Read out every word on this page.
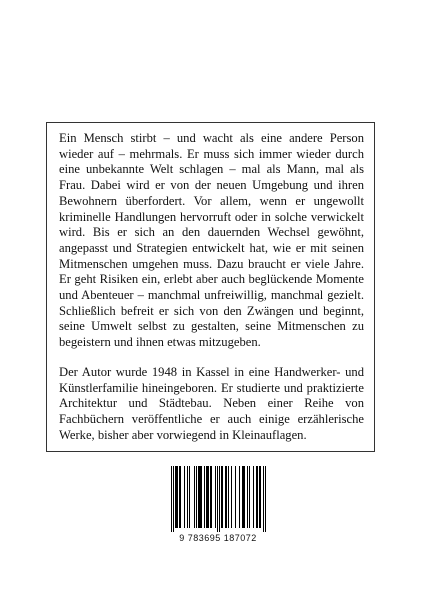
Ein Mensch stirbt – und wacht als eine andere Person wieder auf – mehrmals. Er muss sich immer wieder durch eine unbekannte Welt schlagen – mal als Mann, mal als Frau. Dabei wird er von der neuen Umgebung und ihren Bewohnern überfordert. Vor allem, wenn er ungewollt kriminelle Handlungen hervorruft oder in solche verwickelt wird. Bis er sich an den dauernden Wechsel gewöhnt, angepasst und Strategien entwickelt hat, wie er mit seinen Mitmenschen umgehen muss. Dazu braucht er viele Jahre. Er geht Risiken ein, erlebt aber auch beglückende Momente und Abenteuer – manchmal unfreiwillig, manchmal gezielt. Schließlich befreit er sich von den Zwängen und beginnt, seine Umwelt selbst zu gestalten, seine Mitmenschen zu begeistern und ihnen etwas mitzugeben.

Der Autor wurde 1948 in Kassel in eine Handwerker- und Künstlerfamilie hineingeboren. Er studierte und praktizierte Architektur und Städtebau. Neben einer Reihe von Fachbüchern veröffentliche er auch einige erzählerische Werke, bisher aber vorwiegend in Kleinauflagen.

9 783695 187072
